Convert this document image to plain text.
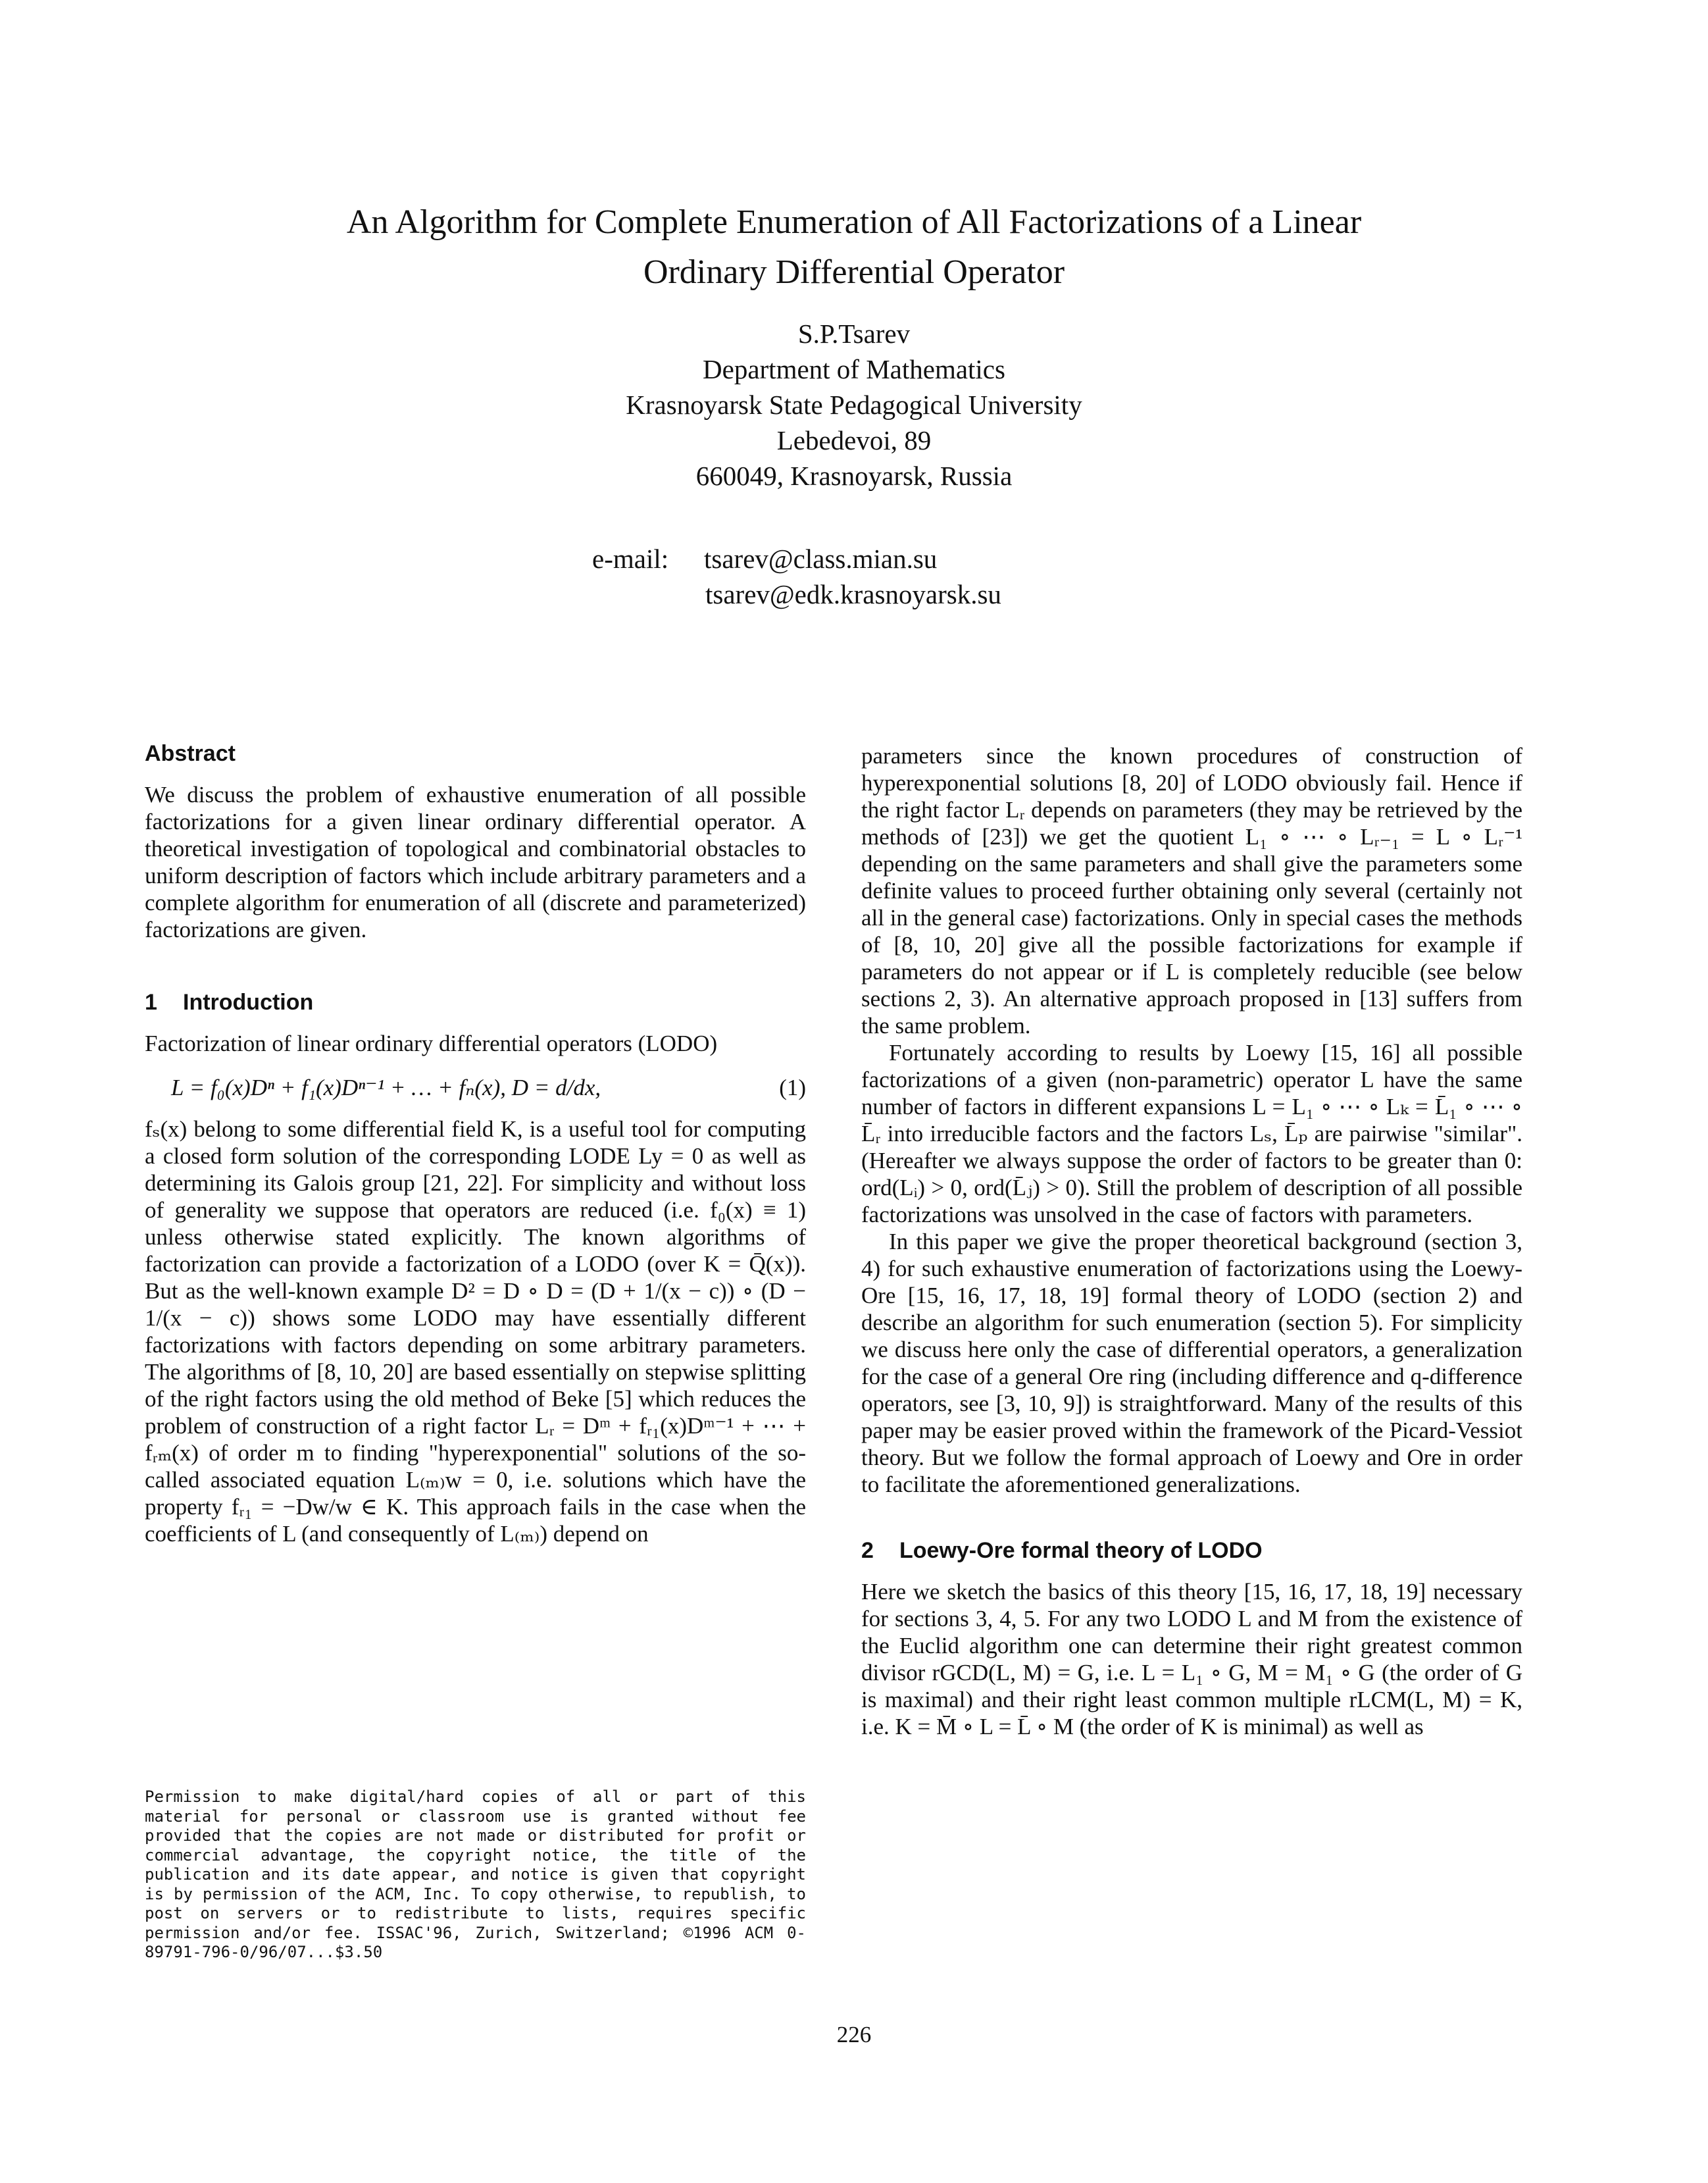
An Algorithm for Complete Enumeration of All Factorizations of a Linear
Ordinary Differential Operator
S.P.Tsarev
Department of Mathematics
Krasnoyarsk State Pedagogical University
Lebedevoi, 89
660049, Krasnoyarsk, Russia
e-mail: tsarev@class.mian.su
tsarev@edk.krasnoyarsk.su
Abstract

We discuss the problem of exhaustive enumeration of all possible factorizations for a given linear ordinary differential operator. A theoretical investigation of topological and combinatorial obstacles to uniform description of factors which include arbitrary parameters and a complete algorithm for enumeration of all (discrete and parameterized) factorizations are given.

1 Introduction

Factorization of linear ordinary differential operators (LODO)

L = f₀(x)Dⁿ + f₁(x)Dⁿ⁻¹ + … + fₙ(x), D = d/dx,	(1)

fₛ(x) belong to some differential field K, is a useful tool for computing a closed form solution of the corresponding LODE Ly = 0 as well as determining its Galois group [21, 22]. For simplicity and without loss of generality we suppose that operators are reduced (i.e. f₀(x) ≡ 1) unless otherwise stated explicitly. The known algorithms of factorization can provide a factorization of a LODO (over K = Q̄(x)). But as the well-known example D² = D ∘ D = (D + 1/(x − c)) ∘ (D − 1/(x − c)) shows some LODO may have essentially different factorizations with factors depending on some arbitrary parameters. The algorithms of [8, 10, 20] are based essentially on stepwise splitting of the right factors using the old method of Beke [5] which reduces the problem of construction of a right factor Lᵣ = Dᵐ + fᵣ₁(x)Dᵐ⁻¹ + ⋯ + fᵣₘ(x) of order m to finding "hyperexponential" solutions of the so-called associated equation L₍ₘ₎w = 0, i.e. solutions which have the property fᵣ₁ = −Dw/w ∈ K. This approach fails in the case when the coefficients of L (and consequently of L₍ₘ₎) depend on

Permission to make digital/hard copies of all or part of this material for personal or classroom use is granted without fee provided that the copies are not made or distributed for profit or commercial advantage, the copyright notice, the title of the publication and its date appear, and notice is given that copyright is by permission of the ACM, Inc. To copy otherwise, to republish, to post on servers or to redistribute to lists, requires specific permission and/or fee. ISSAC'96, Zurich, Switzerland; ©1996 ACM 0-89791-796-0/96/07...$3.50

parameters since the known procedures of construction of hyperexponential solutions [8, 20] of LODO obviously fail. Hence if the right factor Lᵣ depends on parameters (they may be retrieved by the methods of [23]) we get the quotient L₁ ∘ ⋯ ∘ Lᵣ₋₁ = L ∘ Lᵣ⁻¹ depending on the same parameters and shall give the parameters some definite values to proceed further obtaining only several (certainly not all in the general case) factorizations. Only in special cases the methods of [8, 10, 20] give all the possible factorizations for example if parameters do not appear or if L is completely reducible (see below sections 2, 3). An alternative approach proposed in [13] suffers from the same problem.

Fortunately according to results by Loewy [15, 16] all possible factorizations of a given (non-parametric) operator L have the same number of factors in different expansions L = L₁ ∘ ⋯ ∘ Lₖ = L̄₁ ∘ ⋯ ∘ L̄ᵣ into irreducible factors and the factors Lₛ, L̄ₚ are pairwise "similar". (Hereafter we always suppose the order of factors to be greater than 0: ord(Lᵢ) > 0, ord(L̄ⱼ) > 0). Still the problem of description of all possible factorizations was unsolved in the case of factors with parameters.

In this paper we give the proper theoretical background (section 3, 4) for such exhaustive enumeration of factorizations using the Loewy-Ore [15, 16, 17, 18, 19] formal theory of LODO (section 2) and describe an algorithm for such enumeration (section 5). For simplicity we discuss here only the case of differential operators, a generalization for the case of a general Ore ring (including difference and q-difference operators, see [3, 10, 9]) is straightforward. Many of the results of this paper may be easier proved within the framework of the Picard-Vessiot theory. But we follow the formal approach of Loewy and Ore in order to facilitate the aforementioned generalizations.

2 Loewy-Ore formal theory of LODO

Here we sketch the basics of this theory [15, 16, 17, 18, 19] necessary for sections 3, 4, 5. For any two LODO L and M from the existence of the Euclid algorithm one can determine their right greatest common divisor rGCD(L, M) = G, i.e. L = L₁ ∘ G, M = M₁ ∘ G (the order of G is maximal) and their right least common multiple rLCM(L, M) = K, i.e. K = M̄ ∘ L = L̄ ∘ M (the order of K is minimal) as well as

226
